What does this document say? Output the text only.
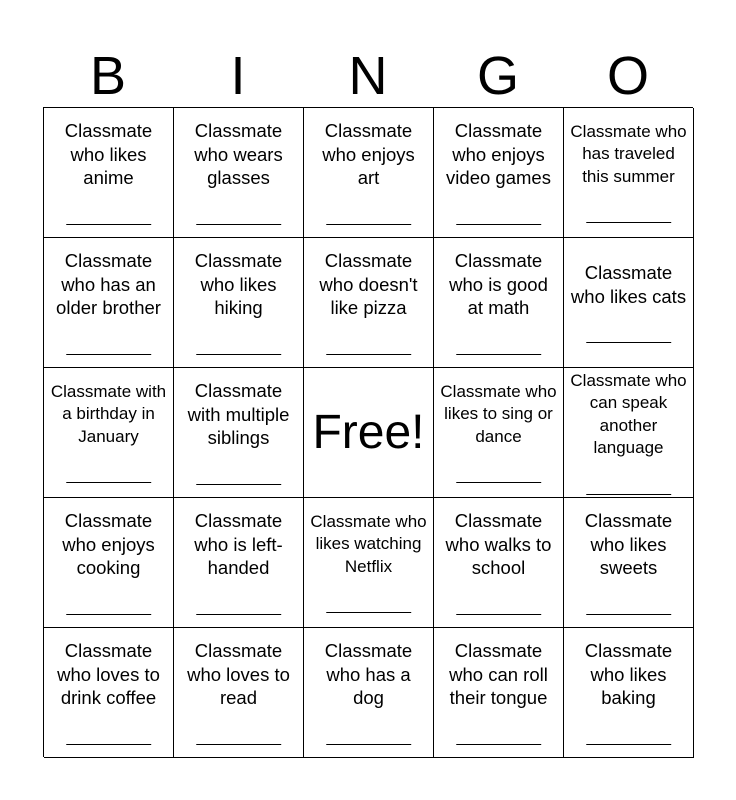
B	I	N	G	O
Classmate who likes anime
__________
Classmate who wears glasses
__________
Classmate who enjoys art
__________
Classmate who enjoys video games
__________
Classmate who has traveled this summer
__________
Classmate who has an older brother
__________
Classmate who likes hiking
__________
Classmate who doesn't like pizza
__________
Classmate who is good at math
__________
Classmate who likes cats
__________
Classmate with a birthday in January
__________
Classmate with multiple siblings
__________
Free!
Classmate who likes to sing or dance
__________
Classmate who can speak another language
__________
Classmate who enjoys cooking
__________
Classmate who is left-handed
__________
Classmate who likes watching Netflix
__________
Classmate who walks to school
__________
Classmate who likes sweets
__________
Classmate who loves to drink coffee
__________
Classmate who loves to read
__________
Classmate who has a dog
__________
Classmate who can roll their tongue
__________
Classmate who likes baking
__________
